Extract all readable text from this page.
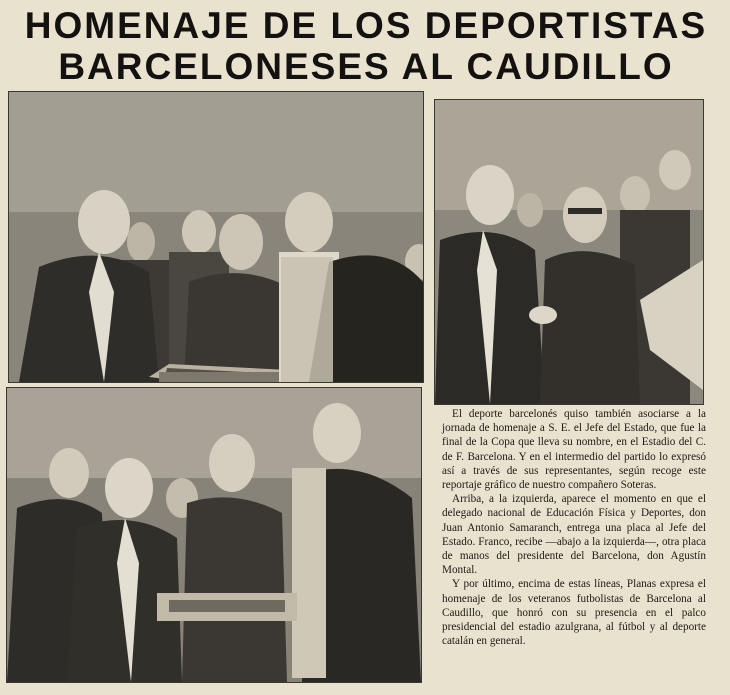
HOMENAJE DE LOS DEPORTISTAS
BARCELONESES AL CAUDILLO

El deporte barcelonés quiso también asociarse a la jornada de homenaje a S. E. el Jefe del Estado, que fue la final de la Copa que lleva su nombre, en el Estadio del C. de F. Barcelona. Y en el intermedio del partido lo expresó así a través de sus representantes, según recoge este reportaje gráfico de nuestro compañero Soteras.

Arriba, a la izquierda, aparece el momento en que el delegado nacional de Educación Física y Deportes, don Juan Antonio Samaranch, entrega una placa al Jefe del Estado. Franco, recibe —abajo a la izquierda—, otra placa de manos del presidente del Barcelona, don Agustín Montal.

Y por último, encima de estas líneas, Planas expresa el homenaje de los veteranos futbolistas de Barcelona al Caudillo, que honró con su presencia en el palco presidencial del estadio azulgrana, al fútbol y al deporte catalán en general.
